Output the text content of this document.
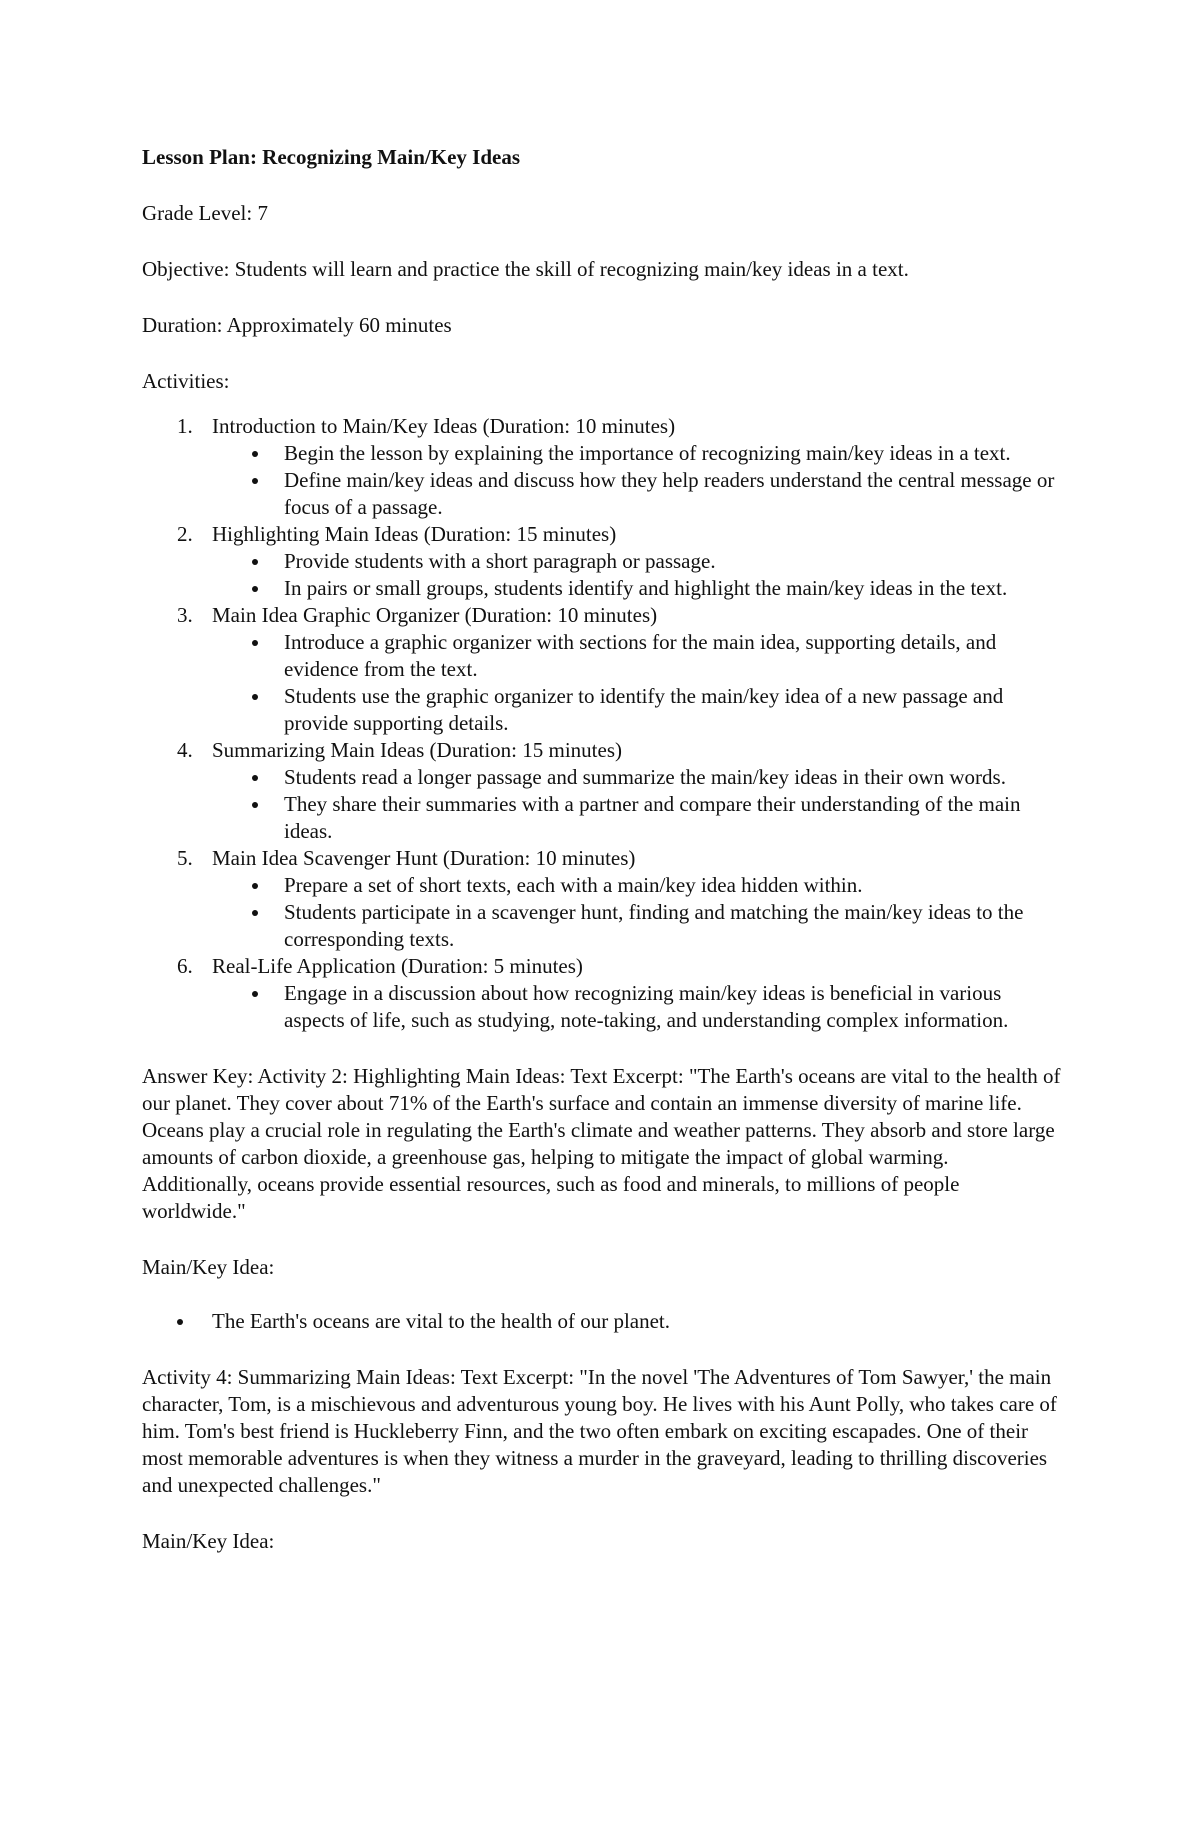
Lesson Plan: Recognizing Main/Key Ideas

Grade Level: 7

Objective: Students will learn and practice the skill of recognizing main/key ideas in a text.

Duration: Approximately 60 minutes

Activities:

1. Introduction to Main/Key Ideas (Duration: 10 minutes)
Begin the lesson by explaining the importance of recognizing main/key ideas in a text.
Define main/key ideas and discuss how they help readers understand the central message or focus of a passage.
2. Highlighting Main Ideas (Duration: 15 minutes)
Provide students with a short paragraph or passage.
In pairs or small groups, students identify and highlight the main/key ideas in the text.
3. Main Idea Graphic Organizer (Duration: 10 minutes)
Introduce a graphic organizer with sections for the main idea, supporting details, and evidence from the text.
Students use the graphic organizer to identify the main/key idea of a new passage and provide supporting details.
4. Summarizing Main Ideas (Duration: 15 minutes)
Students read a longer passage and summarize the main/key ideas in their own words.
They share their summaries with a partner and compare their understanding of the main ideas.
5. Main Idea Scavenger Hunt (Duration: 10 minutes)
Prepare a set of short texts, each with a main/key idea hidden within.
Students participate in a scavenger hunt, finding and matching the main/key ideas to the corresponding texts.
6. Real-Life Application (Duration: 5 minutes)
Engage in a discussion about how recognizing main/key ideas is beneficial in various aspects of life, such as studying, note-taking, and understanding complex information.

Answer Key: Activity 2: Highlighting Main Ideas: Text Excerpt: "The Earth's oceans are vital to the health of our planet. They cover about 71% of the Earth's surface and contain an immense diversity of marine life. Oceans play a crucial role in regulating the Earth's climate and weather patterns. They absorb and store large amounts of carbon dioxide, a greenhouse gas, helping to mitigate the impact of global warming. Additionally, oceans provide essential resources, such as food and minerals, to millions of people worldwide."

Main/Key Idea:

The Earth's oceans are vital to the health of our planet.

Activity 4: Summarizing Main Ideas: Text Excerpt: "In the novel 'The Adventures of Tom Sawyer,' the main character, Tom, is a mischievous and adventurous young boy. He lives with his Aunt Polly, who takes care of him. Tom's best friend is Huckleberry Finn, and the two often embark on exciting escapades. One of their most memorable adventures is when they witness a murder in the graveyard, leading to thrilling discoveries and unexpected challenges."

Main/Key Idea:
